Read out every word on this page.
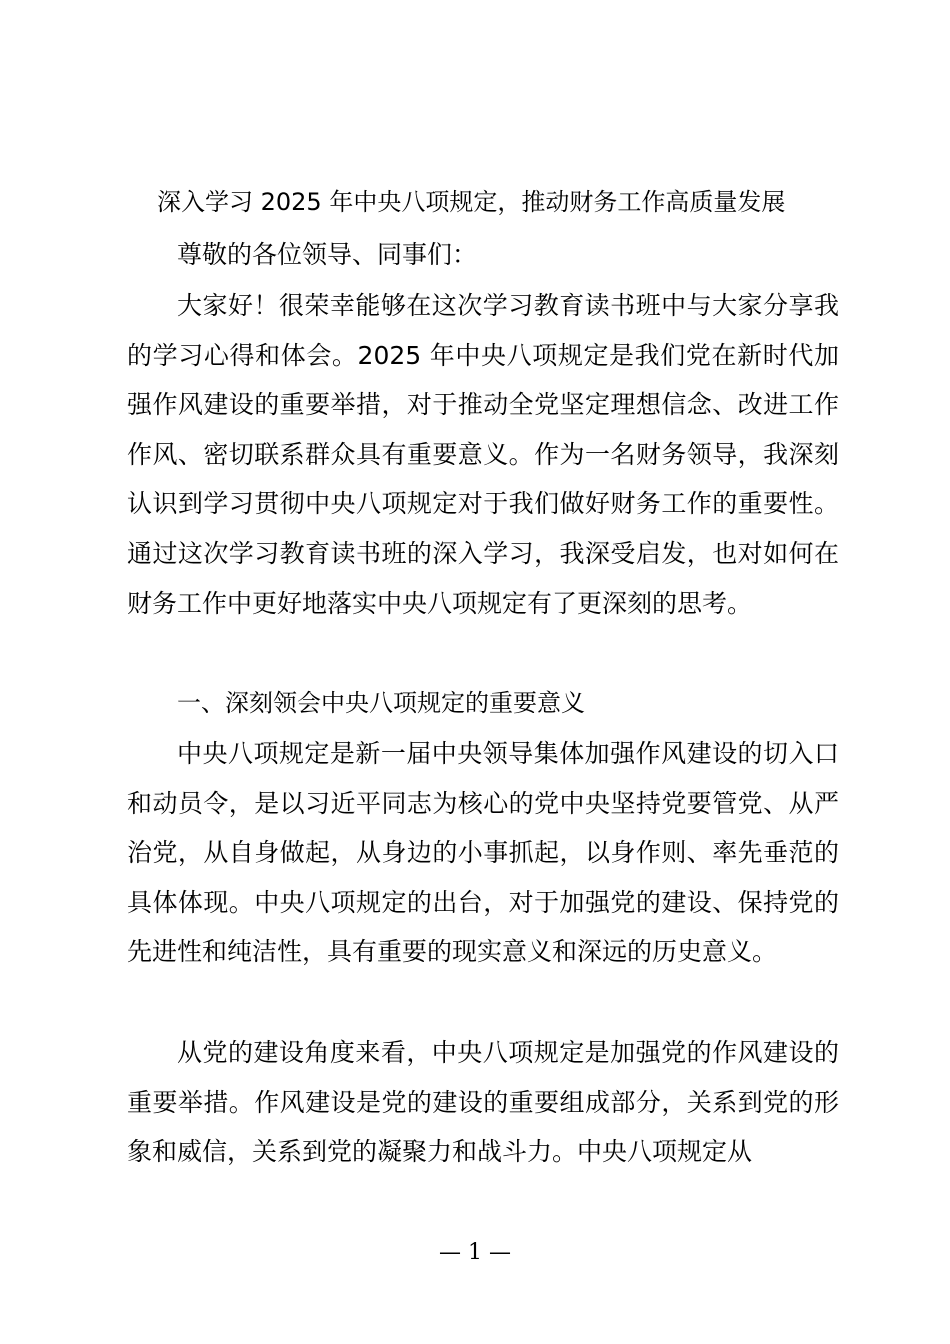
深入学习 2025 年中央八项规定，推动财务工作高质量发展

尊敬的各位领导、同事们：

大家好！很荣幸能够在这次学习教育读书班中与大家分享我的学习心得和体会。2025 年中央八项规定是我们党在新时代加强作风建设的重要举措，对于推动全党坚定理想信念、改进工作作风、密切联系群众具有重要意义。作为一名财务领导，我深刻认识到学习贯彻中央八项规定对于我们做好财务工作的重要性。通过这次学习教育读书班的深入学习，我深受启发，也对如何在财务工作中更好地落实中央八项规定有了更深刻的思考。

一、深刻领会中央八项规定的重要意义

中央八项规定是新一届中央领导集体加强作风建设的切入口和动员令，是以习近平同志为核心的党中央坚持党要管党、从严治党，从自身做起，从身边的小事抓起，以身作则、率先垂范的具体体现。中央八项规定的出台，对于加强党的建设、保持党的先进性和纯洁性，具有重要的现实意义和深远的历史意义。

从党的建设角度来看，中央八项规定是加强党的作风建设的重要举措。作风建设是党的建设的重要组成部分，关系到党的形象和威信，关系到党的凝聚力和战斗力。中央八项规定从

— 1 —
